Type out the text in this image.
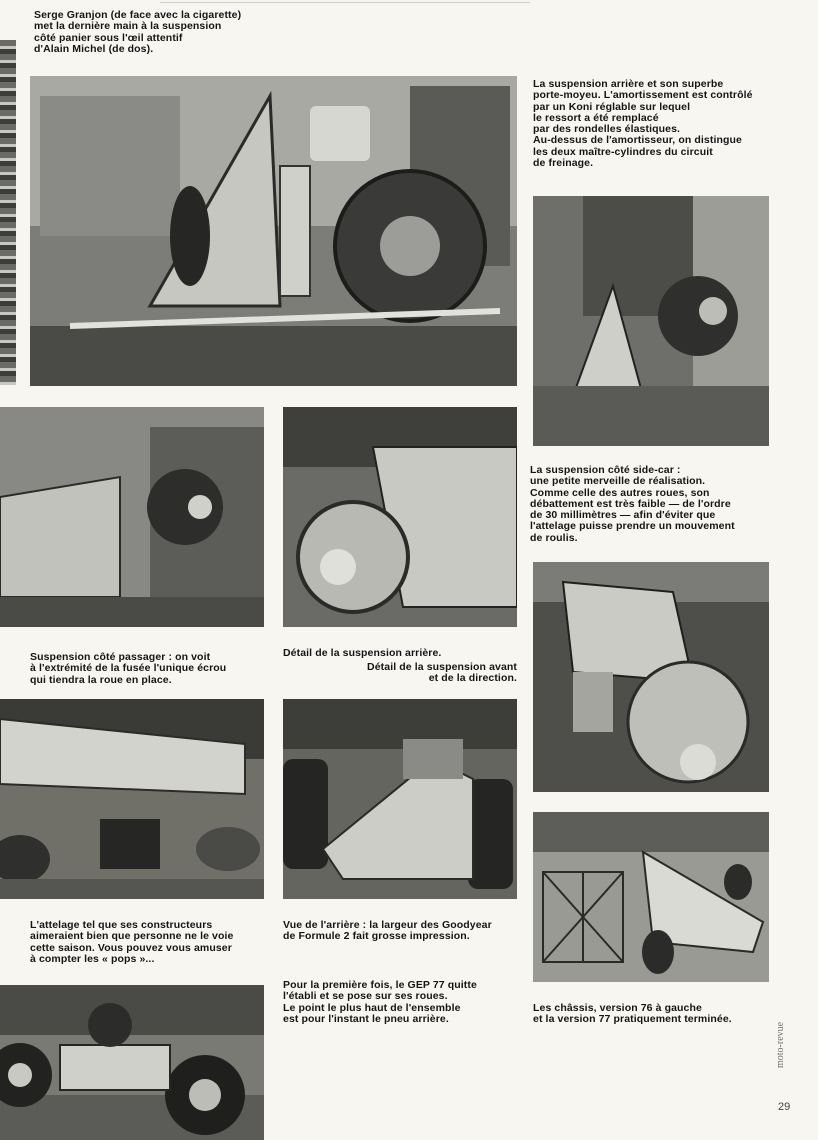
Serge Granjon (de face avec la cigarette)
met la dernière main à la suspension
côté panier sous l'œil attentif
d'Alain Michel (de dos).

La suspension arrière et son superbe
porte-moyeu. L'amortissement est contrôlé
par un Koni réglable sur lequel
le ressort a été remplacé
par des rondelles élastiques.
Au-dessus de l'amortisseur, on distingue
les deux maître-cylindres du circuit
de freinage.

La suspension côté side-car :
une petite merveille de réalisation.
Comme celle des autres roues, son
débattement est très faible — de l'ordre
de 30 millimètres — afin d'éviter que
l'attelage puisse prendre un mouvement
de roulis.

Suspension côté passager : on voit
à l'extrémité de la fusée l'unique écrou
qui tiendra la roue en place.

Détail de la suspension arrière.

Détail de la suspension avant
et de la direction.

L'attelage tel que ses constructeurs
aimeraient bien que personne ne le voie
cette saison. Vous pouvez vous amuser
à compter les « pops »...

Vue de l'arrière : la largeur des Goodyear
de Formule 2 fait grosse impression.

Pour la première fois, le GEP 77 quitte
l'établi et se pose sur ses roues.
Le point le plus haut de l'ensemble
est pour l'instant le pneu arrière.

Les châssis, version 76 à gauche
et la version 77 pratiquement terminée.

moto-revue
29
